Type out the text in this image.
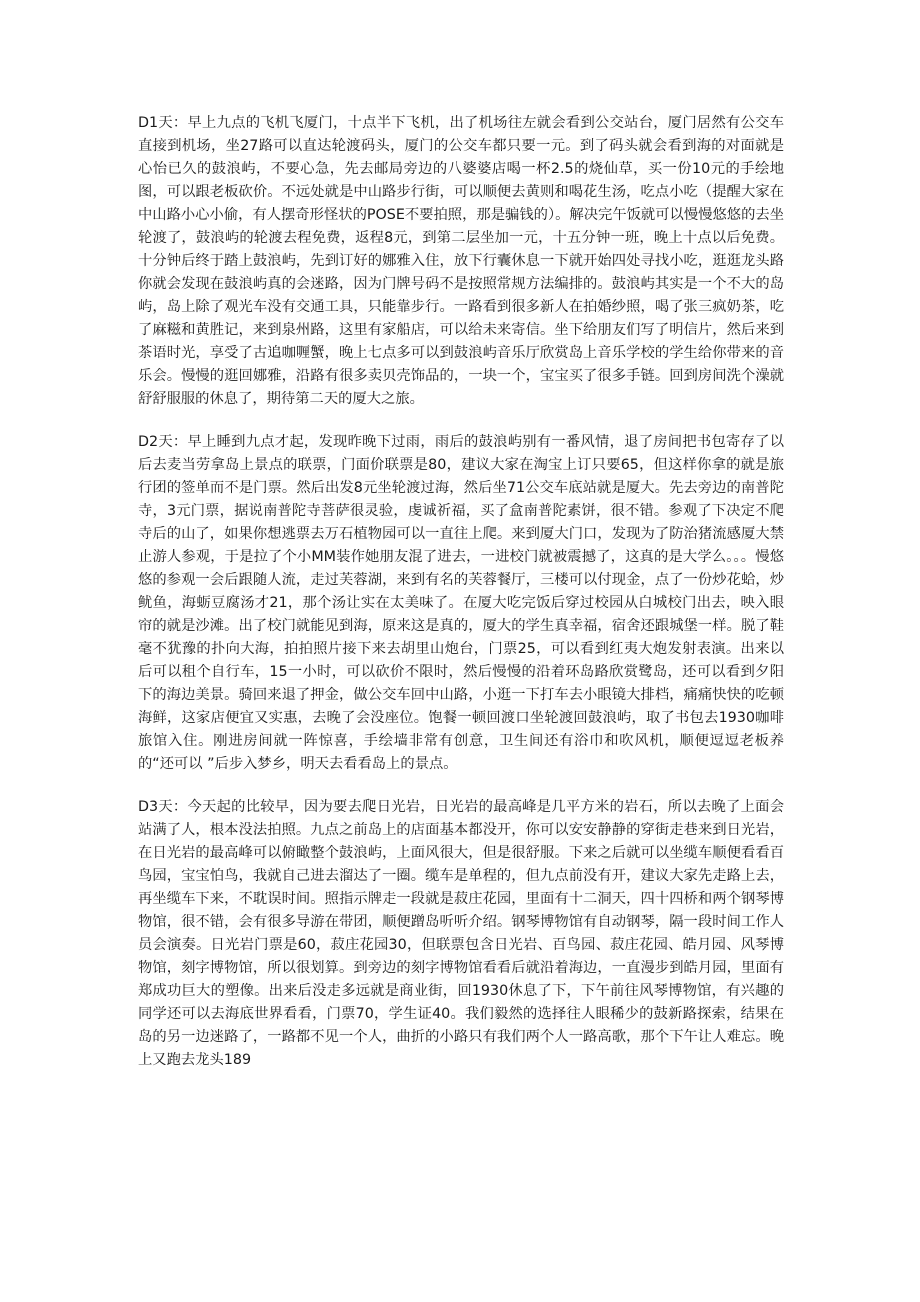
D1天：早上九点的飞机飞厦门，十点半下飞机，出了机场往左就会看到公交站台，厦门居然有公交车直接到机场，坐27路可以直达轮渡码头，厦门的公交车都只要一元。到了码头就会看到海的对面就是心怡已久的鼓浪屿，不要心急，先去邮局旁边的八婆婆店喝一杯2.5的烧仙草，买一份10元的手绘地图，可以跟老板砍价。不远处就是中山路步行街，可以顺便去黄则和喝花生汤，吃点小吃（提醒大家在中山路小心小偷，有人摆奇形怪状的POSE不要拍照，那是骗钱的）。解决完午饭就可以慢慢悠悠的去坐轮渡了，鼓浪屿的轮渡去程免费，返程8元，到第二层坐加一元，十五分钟一班，晚上十点以后免费。十分钟后终于踏上鼓浪屿，先到订好的娜雅入住，放下行囊休息一下就开始四处寻找小吃，逛逛龙头路你就会发现在鼓浪屿真的会迷路，因为门牌号码不是按照常规方法编排的。鼓浪屿其实是一个不大的岛屿，岛上除了观光车没有交通工具，只能靠步行。一路看到很多新人在拍婚纱照，喝了张三疯奶茶，吃了麻糍和黄胜记，来到泉州路，这里有家船店，可以给未来寄信。坐下给朋友们写了明信片，然后来到茶语时光，享受了古追咖喱蟹，晚上七点多可以到鼓浪屿音乐厅欣赏岛上音乐学校的学生给你带来的音乐会。慢慢的逛回娜雅，沿路有很多卖贝壳饰品的，一块一个，宝宝买了很多手链。回到房间洗个澡就舒舒服服的休息了，期待第二天的厦大之旅。

D2天：早上睡到九点才起，发现昨晚下过雨，雨后的鼓浪屿别有一番风情，退了房间把书包寄存了以后去麦当劳拿岛上景点的联票，门面价联票是80，建议大家在淘宝上订只要65，但这样你拿的就是旅行团的签单而不是门票。然后出发8元坐轮渡过海，然后坐71公交车底站就是厦大。先去旁边的南普陀寺，3元门票，据说南普陀寺菩萨很灵验，虔诚祈福，买了盒南普陀素饼，很不错。参观了下决定不爬寺后的山了，如果你想逃票去万石植物园可以一直往上爬。来到厦大门口，发现为了防治猪流感厦大禁止游人参观，于是拉了个小MM装作她朋友混了进去，一进校门就被震撼了，这真的是大学么。。。慢悠悠的参观一会后跟随人流，走过芙蓉湖，来到有名的芙蓉餐厅，三楼可以付现金，点了一份炒花蛤，炒鱿鱼，海蛎豆腐汤才21，那个汤让实在太美味了。在厦大吃完饭后穿过校园从白城校门出去，映入眼帘的就是沙滩。出了校门就能见到海，原来这是真的，厦大的学生真幸福，宿舍还跟城堡一样。脱了鞋毫不犹豫的扑向大海，拍拍照片接下来去胡里山炮台，门票25，可以看到红夷大炮发射表演。出来以后可以租个自行车，15一小时，可以砍价不限时，然后慢慢的沿着环岛路欣赏鹭岛，还可以看到夕阳下的海边美景。骑回来退了押金，做公交车回中山路，小逛一下打车去小眼镜大排档，痛痛快快的吃顿海鲜，这家店便宜又实惠，去晚了会没座位。饱餐一顿回渡口坐轮渡回鼓浪屿，取了书包去1930咖啡旅馆入住。刚进房间就一阵惊喜，手绘墙非常有创意，卫生间还有浴巾和吹风机，顺便逗逗老板养的“还可以 ”后步入梦乡，明天去看看岛上的景点。

D3天：今天起的比较早，因为要去爬日光岩，日光岩的最高峰是几平方米的岩石，所以去晚了上面会站满了人，根本没法拍照。九点之前岛上的店面基本都没开，你可以安安静静的穿街走巷来到日光岩，在日光岩的最高峰可以俯瞰整个鼓浪屿，上面风很大，但是很舒服。下来之后就可以坐缆车顺便看看百鸟园，宝宝怕鸟，我就自己进去溜达了一圈。缆车是单程的，但九点前没有开，建议大家先走路上去，再坐缆车下来，不耽误时间。照指示牌走一段就是菽庄花园，里面有十二洞天，四十四桥和两个钢琴博物馆，很不错，会有很多导游在带团，顺便蹭岛听听介绍。钢琴博物馆有自动钢琴，隔一段时间工作人员会演奏。日光岩门票是60，菽庄花园30，但联票包含日光岩、百鸟园、菽庄花园、皓月园、风琴博物馆，刻字博物馆，所以很划算。到旁边的刻字博物馆看看后就沿着海边，一直漫步到皓月园，里面有郑成功巨大的塑像。出来后没走多远就是商业街，回1930休息了下，下午前往风琴博物馆，有兴趣的同学还可以去海底世界看看，门票70，学生证40。我们毅然的选择往人眼稀少的鼓新路探索，结果在岛的另一边迷路了，一路都不见一个人，曲折的小路只有我们两个人一路高歌，那个下午让人难忘。晚上又跑去龙头189
